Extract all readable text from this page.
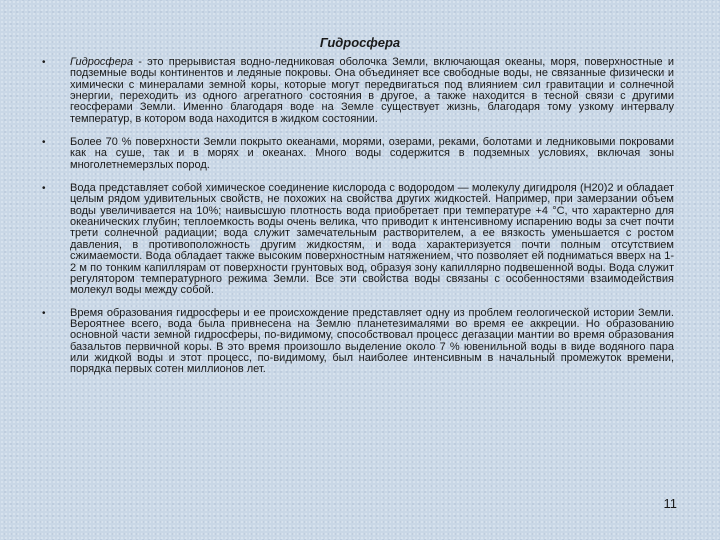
Гидросфера
• Гидросфера - это прерывистая водно-ледниковая оболочка Земли, включающая океаны, моря, поверхностные и подземные воды континентов и ледяные покровы. Она объединяет все свободные воды, не связанные физически и химически с минералами земной коры, которые могут передвигаться под влиянием сил гравитации и солнечной энергии, переходить из одного агрегатного состояния в другое, а также находится в тесной связи с другими геосферами Земли. Именно благодаря воде на Земле существует жизнь, благодаря тому узкому интервалу температур, в котором вода находится в жидком состоянии.
• Более 70 % поверхности Земли покрыто океанами, морями, озерами, реками, болотами и ледниковыми покровами как на суше, так и в морях и океанах. Много воды содержится в подземных условиях, включая зоны многолетнемерзлых пород.
• Вода представляет собой химическое соединение кислорода с водородом — молекулу дигидроля (Н20)2 и обладает целым рядом удивительных свойств, не похожих на свойства других жидкостей. Например, при замерзании объем воды увеличивается на 10%; наивысшую плотность вода приобретает при температуре +4 °С, что характерно для океанических глубин; теплоемкость воды очень велика, что приводит к интенсивному испарению воды за счет почти трети солнечной радиации; вода служит замечательным растворителем, а ее вязкость уменьшается с ростом давления, в противоположность другим жидкостям, и вода характеризуется почти полным отсутствием сжимаемости. Вода обладает также высоким поверхностным натяжением, что позволяет ей подниматься вверх на 1-2 м по тонким капиллярам от поверхности грунтовых вод, образуя зону капиллярно подвешенной воды. Вода служит регулятором температурного режима Земли. Все эти свойства воды связаны с особенностями взаимодействия молекул воды между собой.
• Время образования гидросферы и ее происхождение представляет одну из проблем геологической истории Земли. Вероятнее всего, вода была привнесена на Землю планетезималями во время ее аккреции. Но образованию основной части земной гидросферы, по-видимому, способствовал процесс дегазации мантии во время образования базальтов первичной коры. В это время произошло выделение около 7 % ювенильной воды в виде водяного пара или жидкой воды и этот процесс, по-видимому, был наиболее интенсивным в начальный промежуток времени, порядка первых сотен миллионов лет.
11
